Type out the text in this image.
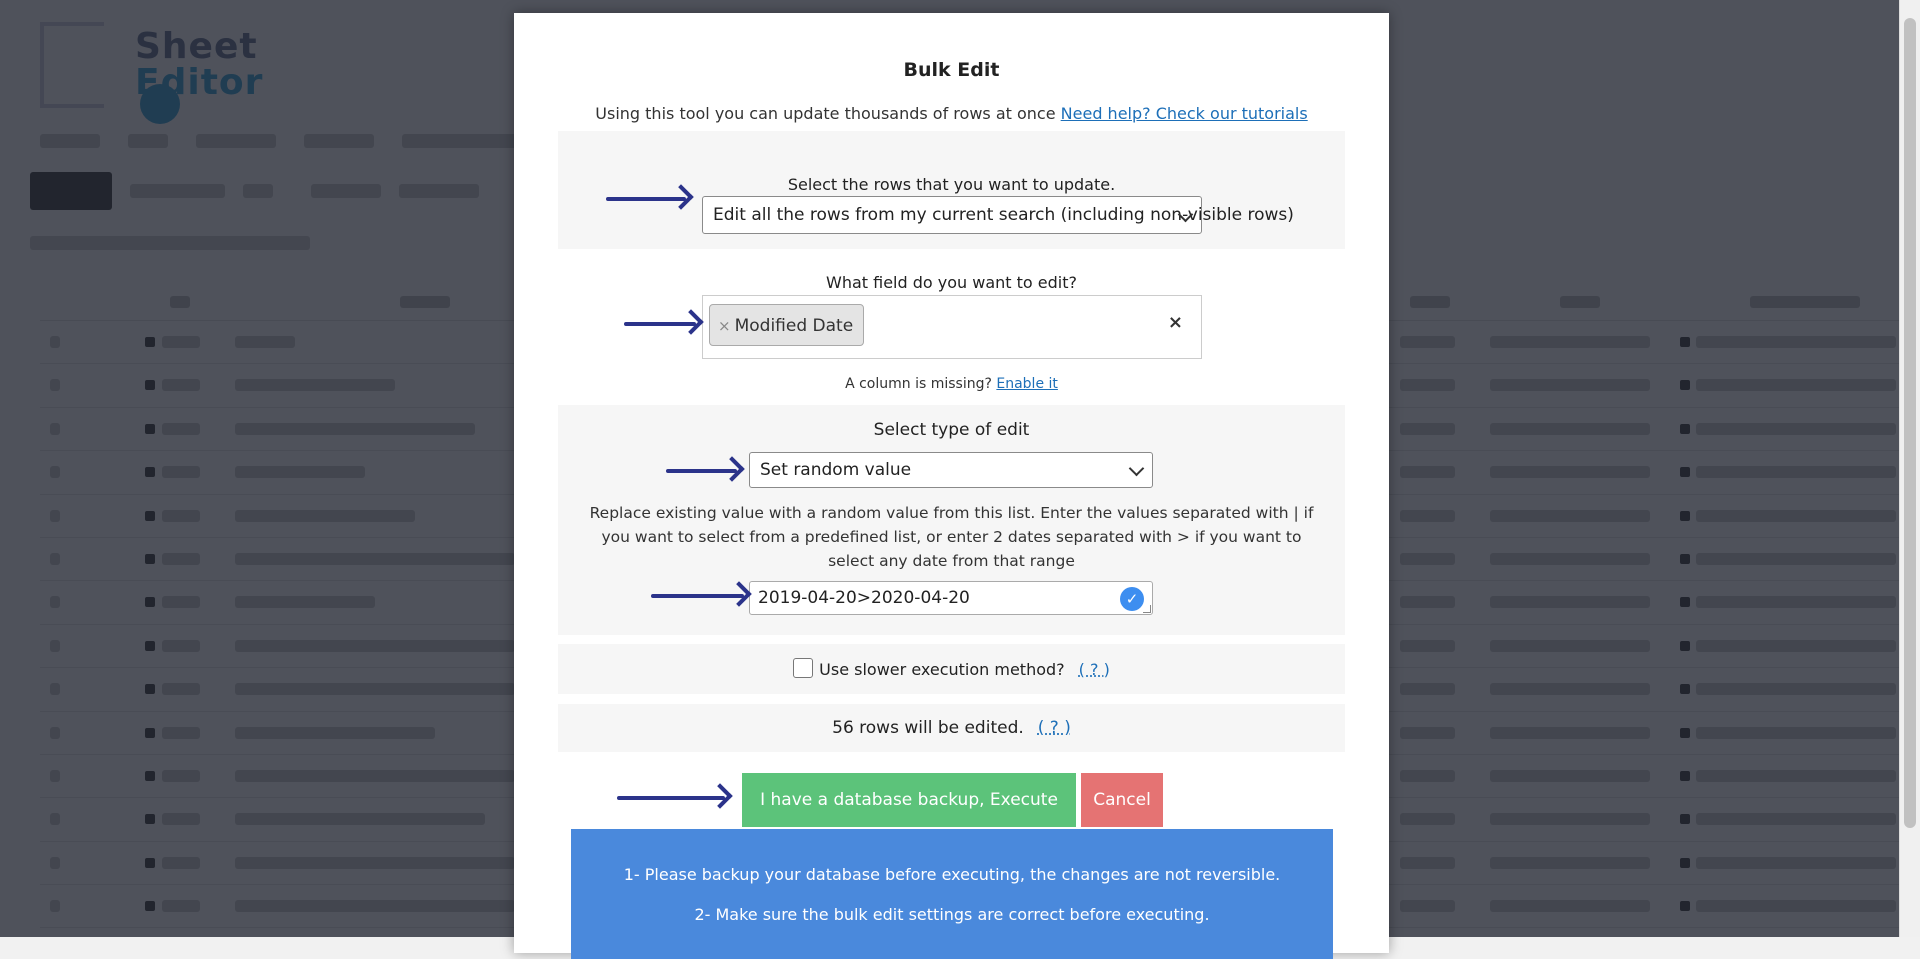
Bulk Edit
Using this tool you can update thousands of rows at once Need help? Check our tutorials
Select the rows that you want to update.
Edit all the rows from my current search (including non-visible rows)
What field do you want to edit?
× Modified Date	×
A column is missing? Enable it
Select type of edit
Set random value
Replace existing value with a random value from this list. Enter the values separated with | if you want to select from a predefined list, or enter 2 dates separated with > if you want to select any date from that range
2019-04-20>2020-04-20	✓
Use slower execution method? ( ? )
56 rows will be edited. ( ? )
I have a database backup, Execute	Cancel

1- Please backup your database before executing, the changes are not reversible.

2- Make sure the bulk edit settings are correct before executing.
